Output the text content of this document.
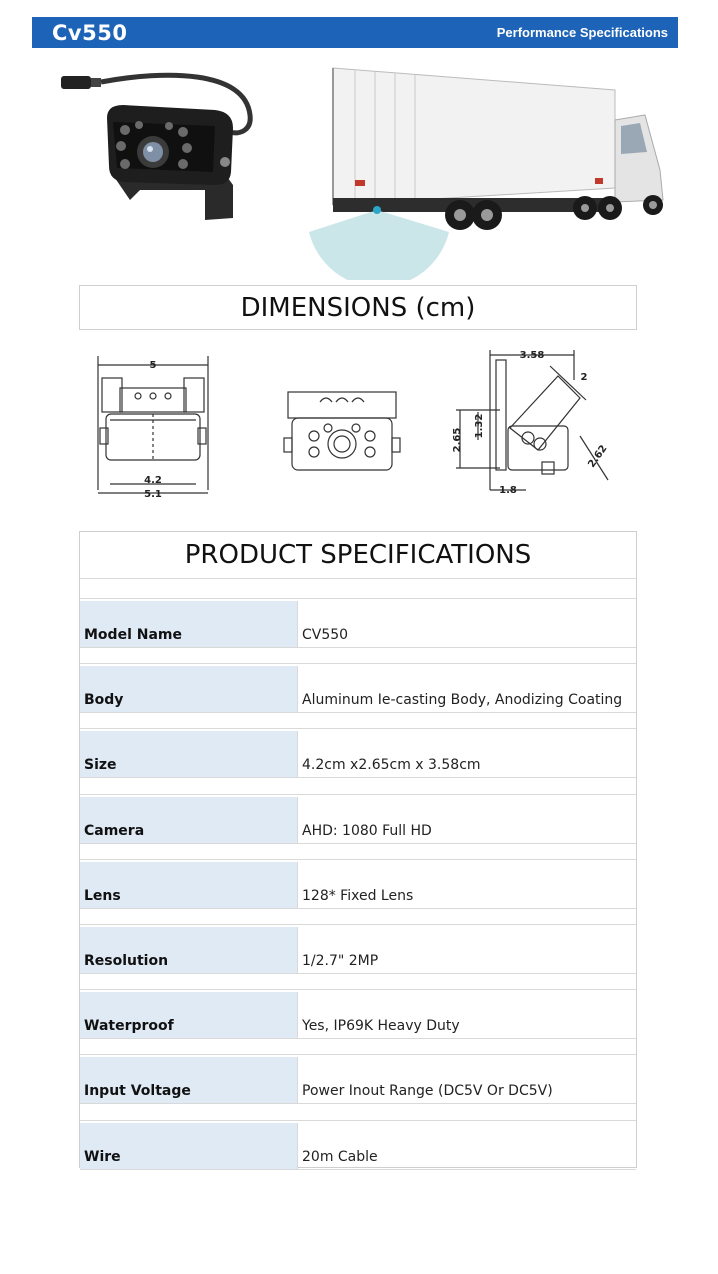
Cv550	Performance Specifications
DIMENSIONS (cm)
5
4.2
5.1
3.58
2
2.65
1.32
1.8
2.62
PRODUCT SPECIFICATIONS
Model Name	CV550
Body	Aluminum Ie-casting Body, Anodizing Coating
Size	4.2cm x2.65cm x 3.58cm
Camera	AHD: 1080 Full HD
Lens	128* Fixed Lens
Resolution	1/2.7" 2MP
Waterproof	Yes, IP69K Heavy Duty
Input Voltage	Power Inout Range (DC5V Or DC5V)
Wire	20m Cable
